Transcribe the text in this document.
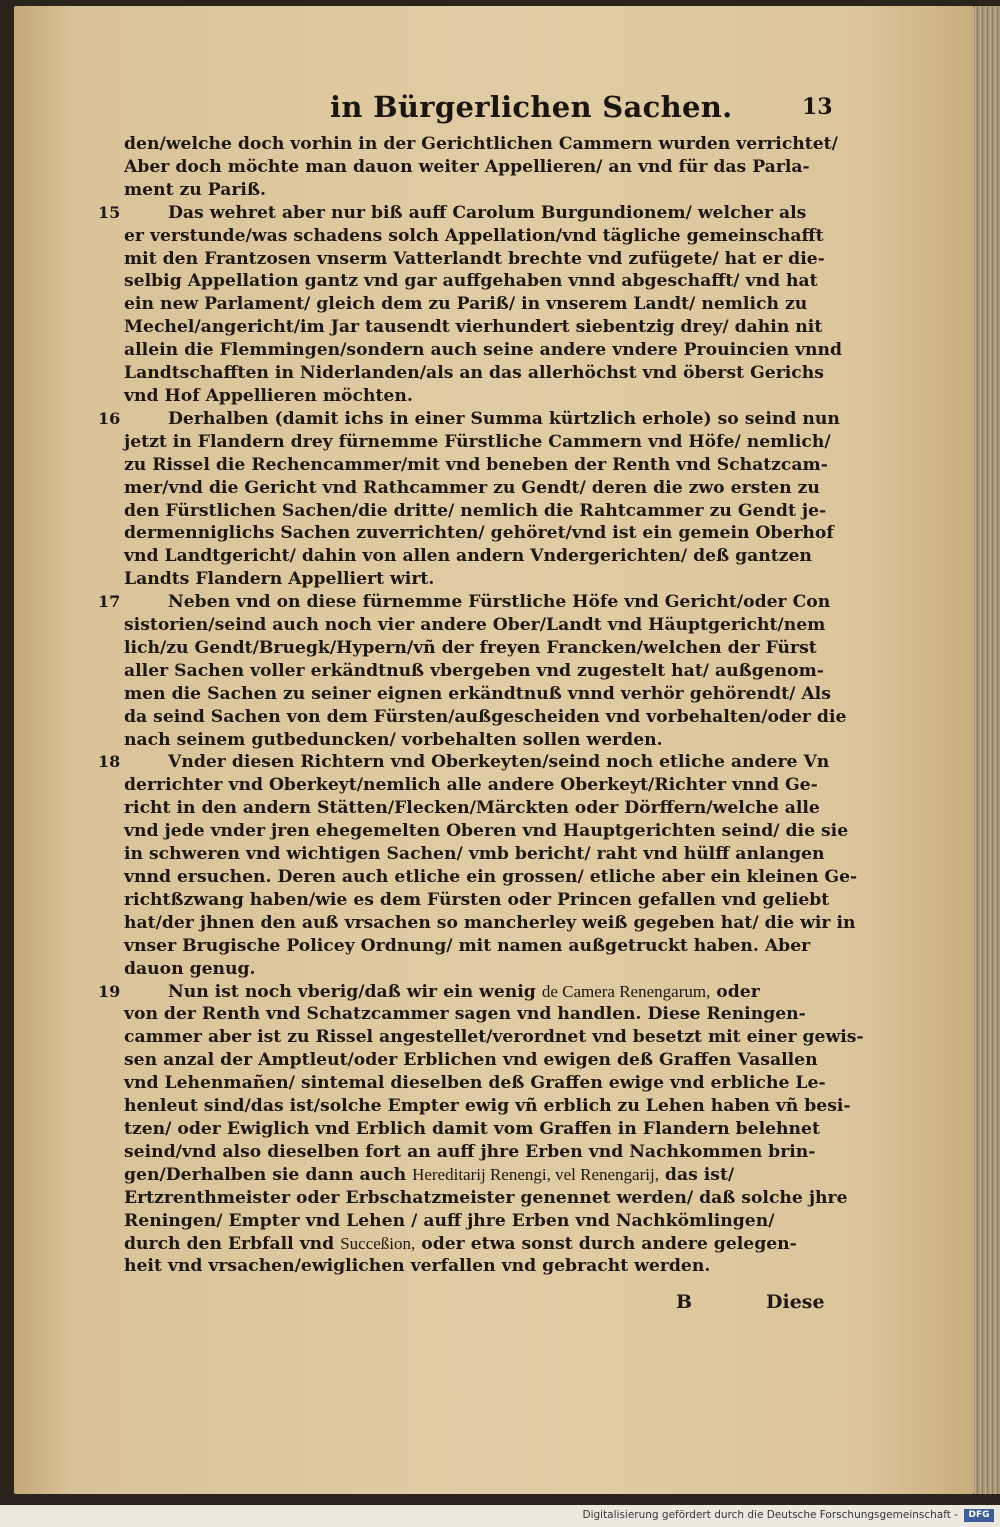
in Bürgerlichen Sachen.	13
den/welche doch vorhin in der Gerichtlichen Cammern wurden verrichtet/
Aber doch möchte man dauon weiter Appellieren/ an vnd für das Parla-
ment zu Pariß.
15	Das wehret aber nur biß auff Carolum Burgundionem/ welcher als
er verstunde/was schadens solch Appellation/vnd tägliche gemeinschafft
mit den Frantzosen vnserm Vatterlandt brechte vnd zufügete/ hat er die-
selbig Appellation gantz vnd gar auffgehaben vnnd abgeschafft/ vnd hat
ein new Parlament/ gleich dem zu Pariß/ in vnserem Landt/ nemlich zu
Mechel/angericht/im Jar tausendt vierhundert siebentzig drey/ dahin nit
allein die Flemmingen/sondern auch seine andere vndere Prouincien vnnd
Landtschafften in Niderlanden/als an das allerhöchst vnd öberst Gerichs
vnd Hof Appellieren möchten.
16	Derhalben (damit ichs in einer Summa kürtzlich erhole) so seind nun
jetzt in Flandern drey fürnemme Fürstliche Cammern vnd Höfe/ nemlich/
zu Rissel die Rechencammer/mit vnd beneben der Renth vnd Schatzcam-
mer/vnd die Gericht vnd Rathcammer zu Gendt/ deren die zwo ersten zu
den Fürstlichen Sachen/die dritte/ nemlich die Rahtcammer zu Gendt je-
dermenniglichs Sachen zuverrichten/ gehöret/vnd ist ein gemein Oberhof
vnd Landtgericht/ dahin von allen andern Vndergerichten/ deß gantzen
Landts Flandern Appelliert wirt.
17	Neben vnd on diese fürnemme Fürstliche Höfe vnd Gericht/oder Con
sistorien/seind auch noch vier andere Ober/Landt vnd Häuptgericht/nem
lich/zu Gendt/Bruegk/Hypern/vñ der freyen Francken/welchen der Fürst
aller Sachen voller erkändtnuß vbergeben vnd zugestelt hat/ außgenom-
men die Sachen zu seiner eignen erkändtnuß vnnd verhör gehörendt/ Als
da seind Sachen von dem Fürsten/außgescheiden vnd vorbehalten/oder die
nach seinem gutbeduncken/ vorbehalten sollen werden.
18	Vnder diesen Richtern vnd Oberkeyten/seind noch etliche andere Vn
derrichter vnd Oberkeyt/nemlich alle andere Oberkeyt/Richter vnnd Ge-
richt in den andern Stätten/Flecken/Märckten oder Dörffern/welche alle
vnd jede vnder jren ehegemelten Oberen vnd Hauptgerichten seind/ die sie
in schweren vnd wichtigen Sachen/ vmb bericht/ raht vnd hülff anlangen
vnnd ersuchen. Deren auch etliche ein grossen/ etliche aber ein kleinen Ge-
richtßzwang haben/wie es dem Fürsten oder Princen gefallen vnd geliebt
hat/der jhnen den auß vrsachen so mancherley weiß gegeben hat/ die wir in
vnser Brugische Policey Ordnung/ mit namen außgetruckt haben. Aber
dauon genug.
19	Nun ist noch vberig/daß wir ein wenig de Camera Renengarum, oder
von der Renth vnd Schatzcammer sagen vnd handlen. Diese Reningen-
cammer aber ist zu Rissel angestellet/verordnet vnd besetzt mit einer gewis-
sen anzal der Amptleut/oder Erblichen vnd ewigen deß Graffen Vasallen
vnd Lehenmañen/ sintemal dieselben deß Graffen ewige vnd erbliche Le-
henleut sind/das ist/solche Empter ewig vñ erblich zu Lehen haben vñ besi-
tzen/ oder Ewiglich vnd Erblich damit vom Graffen in Flandern belehnet
seind/vnd also dieselben fort an auff jhre Erben vnd Nachkommen brin-
gen/Derhalben sie dann auch Hereditarij Renengi, vel Renengarij, das ist/
Ertzrenthmeister oder Erbschatzmeister genennet werden/ daß solche jhre
Reningen/ Empter vnd Lehen / auff jhre Erben vnd Nachkömlingen/
durch den Erbfall vnd Succeßion, oder etwa sonst durch andere gelegen-
heit vnd vrsachen/ewiglichen verfallen vnd gebracht werden.
B	Diese
Digitalisierung gefördert durch die Deutsche Forschungsgemeinschaft -	DFG
